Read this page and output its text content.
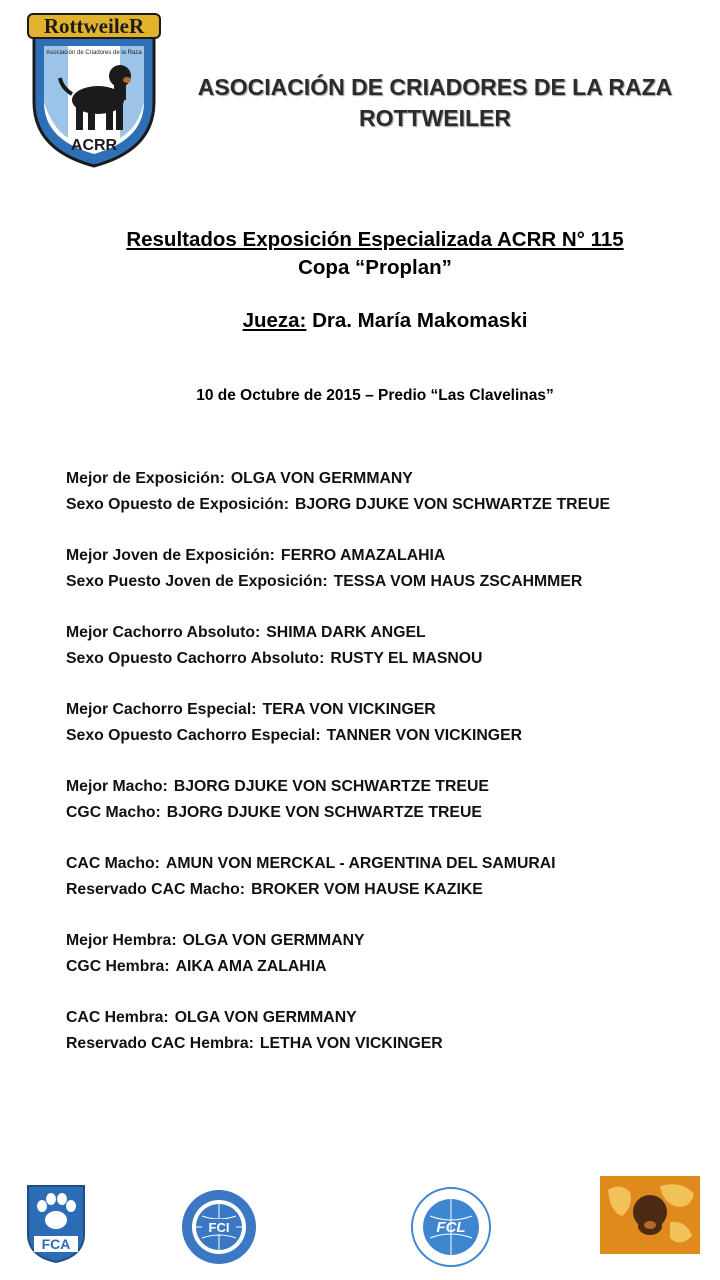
RottweileR
Asociación de Criadores de la Raza
ACRR
ASOCIACIÓN DE CRIADORES DE LA RAZA
ROTTWEILER
Resultados Exposición Especializada ACRR N° 115
Copa “Proplan”
Jueza: Dra. María Makomaski
10 de Octubre de 2015 – Predio “Las Clavelinas”
Mejor de Exposición: OLGA VON GERMMANY
Sexo Opuesto de Exposición: BJORG DJUKE VON SCHWARTZE TREUE
Mejor Joven de Exposición: FERRO AMAZALAHIA
Sexo Puesto Joven de Exposición: TESSA VOM HAUS ZSCAHMMER
Mejor Cachorro Absoluto: SHIMA DARK ANGEL
Sexo Opuesto Cachorro Absoluto: RUSTY EL MASNOU
Mejor Cachorro Especial: TERA VON VICKINGER
Sexo Opuesto Cachorro Especial: TANNER VON VICKINGER
Mejor Macho: BJORG DJUKE VON SCHWARTZE TREUE
CGC Macho: BJORG DJUKE VON SCHWARTZE TREUE
CAC Macho: AMUN VON MERCKAL - ARGENTINA DEL SAMURAI
Reservado CAC Macho: BROKER VOM HAUSE KAZIKE
Mejor Hembra: OLGA VON GERMMANY
CGC Hembra: AIKA AMA ZALAHIA
CAC Hembra: OLGA VON GERMMANY
Reservado CAC Hembra: LETHA VON VICKINGER
FCA
FCI	FCL
